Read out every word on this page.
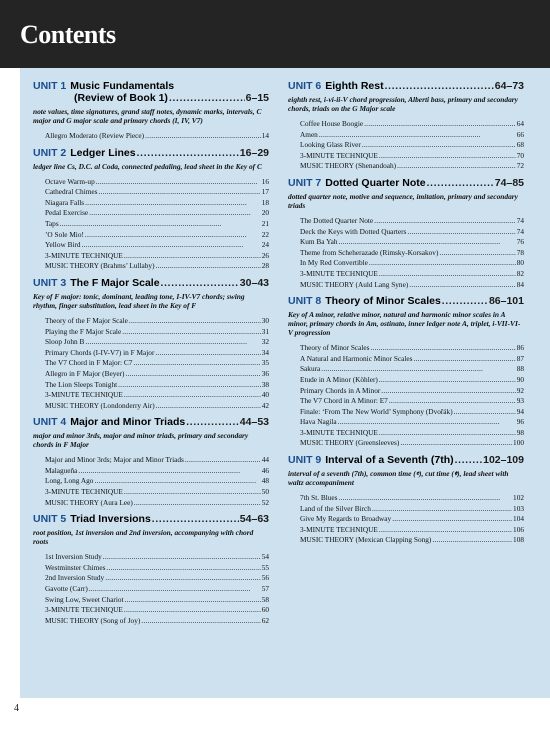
Contents
UNIT 1 Music Fundamentals
(Review of Book 1) . . .	6–15
note values, time signatures, grand staff notes, dynamic marks, intervals, C major and G major scale and primary chords (I, IV, V7)
Allegro Moderato (Review Piece) . . .	14
UNIT 2 Ledger Lines . . .	16–29
ledger line Cs, D.C. al Coda, connected pedaling, lead sheet in the Key of C
Octave Warm-up . . .	16
Cathedral Chimes . . .	17
Niagara Falls . . .	18
Pedal Exercise . . .	20
Taps . . .	21
’O Sole Mio! . . .	22
Yellow Bird . . .	24
3-MINUTE TECHNIQUE . . .	26
MUSIC THEORY (Brahms’ Lullaby) . . .	28
UNIT 3 The F Major Scale . . .	30–43
Key of F major: tonic, dominant, leading tone, I-IV-V7 chords; swing rhythm, finger substitution, lead sheet in the Key of F
Theory of the F Major Scale . . .	30
Playing the F Major Scale . . .	31
Sloop John B . . .	32
Primary Chords (I-IV-V7) in F Major . . .	34
The V7 Chord in F Major: C7 . . .	35
Allegro in F Major (Beyer) . . .	36
The Lion Sleeps Tonight . . .	38
3-MINUTE TECHNIQUE . . .	40
MUSIC THEORY (Londonderry Air) . . .	42
UNIT 4 Major and Minor Triads . . .	44–53
major and minor 3rds, major and minor triads, primary and secondary chords in F Major
Major and Minor 3rds; Major and Minor Triads . . .	44
Malagueña . . .	46
Long, Long Ago . . .	48
3-MINUTE TECHNIQUE . . .	50
MUSIC THEORY (Aura Lee) . . .	52
UNIT 5 Triad Inversions . . .	54–63
root position, 1st inversion and 2nd inversion, accompanying with chord roots
1st Inversion Study . . .	54
Westminster Chimes . . .	55
2nd Inversion Study . . .	56
Gavotte (Carr) . . .	57
Swing Low, Sweet Chariot . . .	58
3-MINUTE TECHNIQUE . . .	60
MUSIC THEORY (Song of Joy) . . .	62
UNIT 6 Eighth Rest . . .	64–73
eighth rest, i-vi-ii-V chord progression, Alberti bass, primary and secondary chords, triads on the G Major scale
Coffee House Boogie . . .	64
Amen . . .	66
Looking Glass River . . .	68
3-MINUTE TECHNIQUE . . .	70
MUSIC THEORY (Shenandoah) . . .	72
UNIT 7 Dotted Quarter Note . . .	74–85
dotted quarter note, motive and sequence, imitation, primary and secondary triads
The Dotted Quarter Note . . .	74
Deck the Keys with Dotted Quarters . . .	74
Kum Ba Yah . . .	76
Theme from Scheherazade (Rimsky-Korsakov) . . .	78
In My Red Convertible . . .	80
3-MINUTE TECHNIQUE . . .	82
MUSIC THEORY (Auld Lang Syne) . . .	84
UNIT 8 Theory of Minor Scales . . .	86–101
Key of A minor, relative minor, natural and harmonic minor scales in A minor, primary chords in Am, ostinato, inner ledger note A, triplet, i-VII-VI-V progression
Theory of Minor Scales . . .	86
A Natural and Harmonic Minor Scales . . .	87
Sakura . . .	88
Etude in A Minor (Köhler) . . .	90
Primary Chords in A Minor . . .	92
The V7 Chord in A Minor: E7 . . .	93
Finale: ‘From The New World’ Symphony (Dvořák) . . .	94
Hava Nagila . . .	96
3-MINUTE TECHNIQUE . . .	98
MUSIC THEORY (Greensleeves) . . .	100
UNIT 9 Interval of a Seventh (7th) . . .	102–109
interval of a seventh (7th), common time (𝄴), cut time (𝄵), lead sheet with waltz accompaniment
7th St. Blues . . .	102
Land of the Silver Birch . . .	103
Give My Regards to Broadway . . .	104
3-MINUTE TECHNIQUE . . .	106
MUSIC THEORY (Mexican Clapping Song) . . .	108
4
